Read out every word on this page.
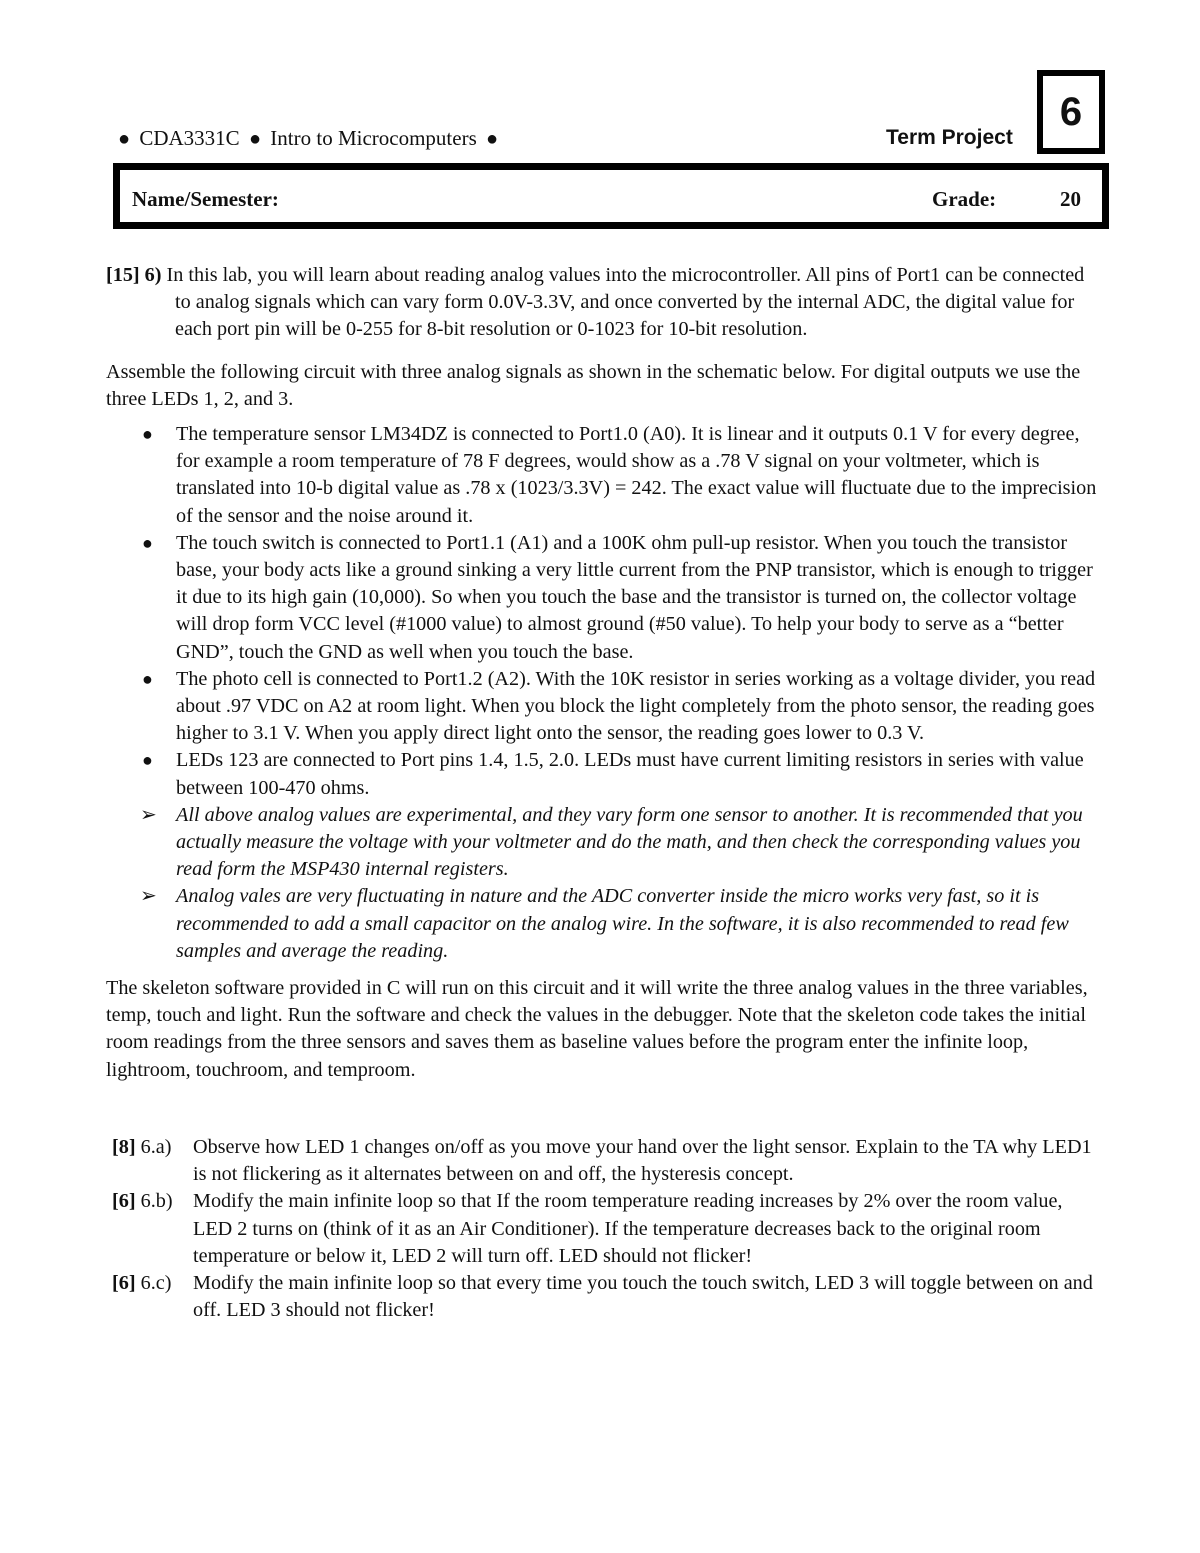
● CDA3331C ● Intro to Microcomputers ●	Term Project
6
Name/Semester:	Grade:	20

[15] 6) In this lab, you will learn about reading analog values into the microcontroller. All pins of Port1 can be connected to analog signals which can vary form 0.0V-3.3V, and once converted by the internal ADC, the digital value for each port pin will be 0-255 for 8-bit resolution or 0-1023 for 10-bit resolution.

Assemble the following circuit with three analog signals as shown in the schematic below. For digital outputs we use the three LEDs 1, 2, and 3.

● The temperature sensor LM34DZ is connected to Port1.0 (A0). It is linear and it outputs 0.1 V for every degree, for example a room temperature of 78 F degrees, would show as a .78 V signal on your voltmeter, which is translated into 10-b digital value as .78 x (1023/3.3V) = 242. The exact value will fluctuate due to the imprecision of the sensor and the noise around it.
● The touch switch is connected to Port1.1 (A1) and a 100K ohm pull-up resistor. When you touch the transistor base, your body acts like a ground sinking a very little current from the PNP transistor, which is enough to trigger it due to its high gain (10,000). So when you touch the base and the transistor is turned on, the collector voltage will drop form VCC level (#1000 value) to almost ground (#50 value). To help your body to serve as a “better GND”, touch the GND as well when you touch the base.
● The photo cell is connected to Port1.2 (A2). With the 10K resistor in series working as a voltage divider, you read about .97 VDC on A2 at room light. When you block the light completely from the photo sensor, the reading goes higher to 3.1 V. When you apply direct light onto the sensor, the reading goes lower to 0.3 V.
● LEDs 123 are connected to Port pins 1.4, 1.5, 2.0. LEDs must have current limiting resistors in series with value between 100-470 ohms.
➢ All above analog values are experimental, and they vary form one sensor to another. It is recommended that you actually measure the voltage with your voltmeter and do the math, and then check the corresponding values you read form the MSP430 internal registers.
➢ Analog vales are very fluctuating in nature and the ADC converter inside the micro works very fast, so it is recommended to add a small capacitor on the analog wire. In the software, it is also recommended to read few samples and average the reading.

The skeleton software provided in C will run on this circuit and it will write the three analog values in the three variables, temp, touch and light. Run the software and check the values in the debugger. Note that the skeleton code takes the initial room readings from the three sensors and saves them as baseline values before the program enter the infinite loop, lightroom, touchroom, and temproom.

[8] 6.a) Observe how LED 1 changes on/off as you move your hand over the light sensor. Explain to the TA why LED1 is not flickering as it alternates between on and off, the hysteresis concept.
[6] 6.b) Modify the main infinite loop so that If the room temperature reading increases by 2% over the room value, LED 2 turns on (think of it as an Air Conditioner). If the temperature decreases back to the original room temperature or below it, LED 2 will turn off. LED should not flicker!
[6] 6.c) Modify the main infinite loop so that every time you touch the touch switch, LED 3 will toggle between on and off. LED 3 should not flicker!
